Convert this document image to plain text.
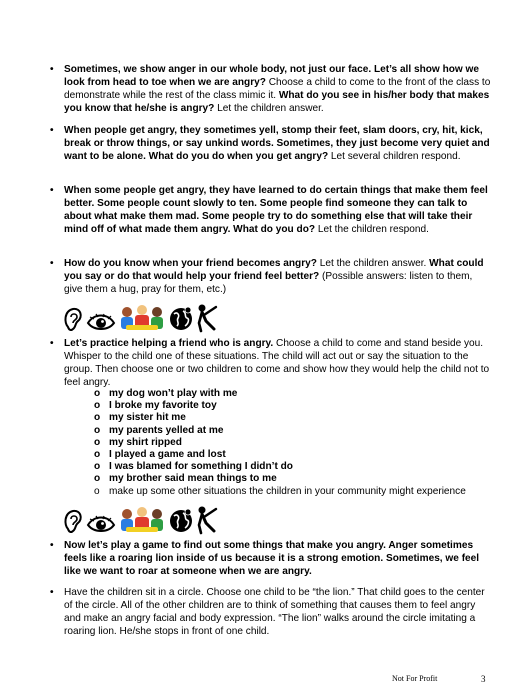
• Sometimes, we show anger in our whole body, not just our face. Let’s all show how we look from head to toe when we are angry? Choose a child to come to the front of the class to demonstrate while the rest of the class mimic it. What do you see in his/her body that makes you know that he/she is angry? Let the children answer.
• When people get angry, they sometimes yell, stomp their feet, slam doors, cry, hit, kick, break or throw things, or say unkind words. Sometimes, they just become very quiet and want to be alone. What do you do when you get angry? Let several children respond.
• When some people get angry, they have learned to do certain things that make them feel better. Some people count slowly to ten. Some people find someone they can talk to about what make them mad. Some people try to do something else that will take their mind off of what made them angry. What do you do? Let the children respond.
• How do you know when your friend becomes angry? Let the children answer. What could you say or do that would help your friend feel better? (Possible answers: listen to them, give them a hug, pray for them, etc.)
• Let’s practice helping a friend who is angry. Choose a child to come and stand beside you. Whisper to the child one of these situations. The child will act out or say the situation to the group. Then choose one or two children to come and show how they would help the child not to feel angry.
o my dog won’t play with me
o I broke my favorite toy
o my sister hit me
o my parents yelled at me
o my shirt ripped
o I played a game and lost
o I was blamed for something I didn’t do
o my brother said mean things to me
o make up some other situations the children in your community might experience
• Now let’s play a game to find out some things that make you angry. Anger sometimes feels like a roaring lion inside of us because it is a strong emotion. Sometimes, we feel like we want to roar at someone when we are angry.
• Have the children sit in a circle. Choose one child to be “the lion.” That child goes to the center of the circle. All of the other children are to think of something that causes them to feel angry and make an angry facial and body expression. “The lion” walks around the circle imitating a roaring lion. He/she stops in front of one child.
Not For Profit	3
